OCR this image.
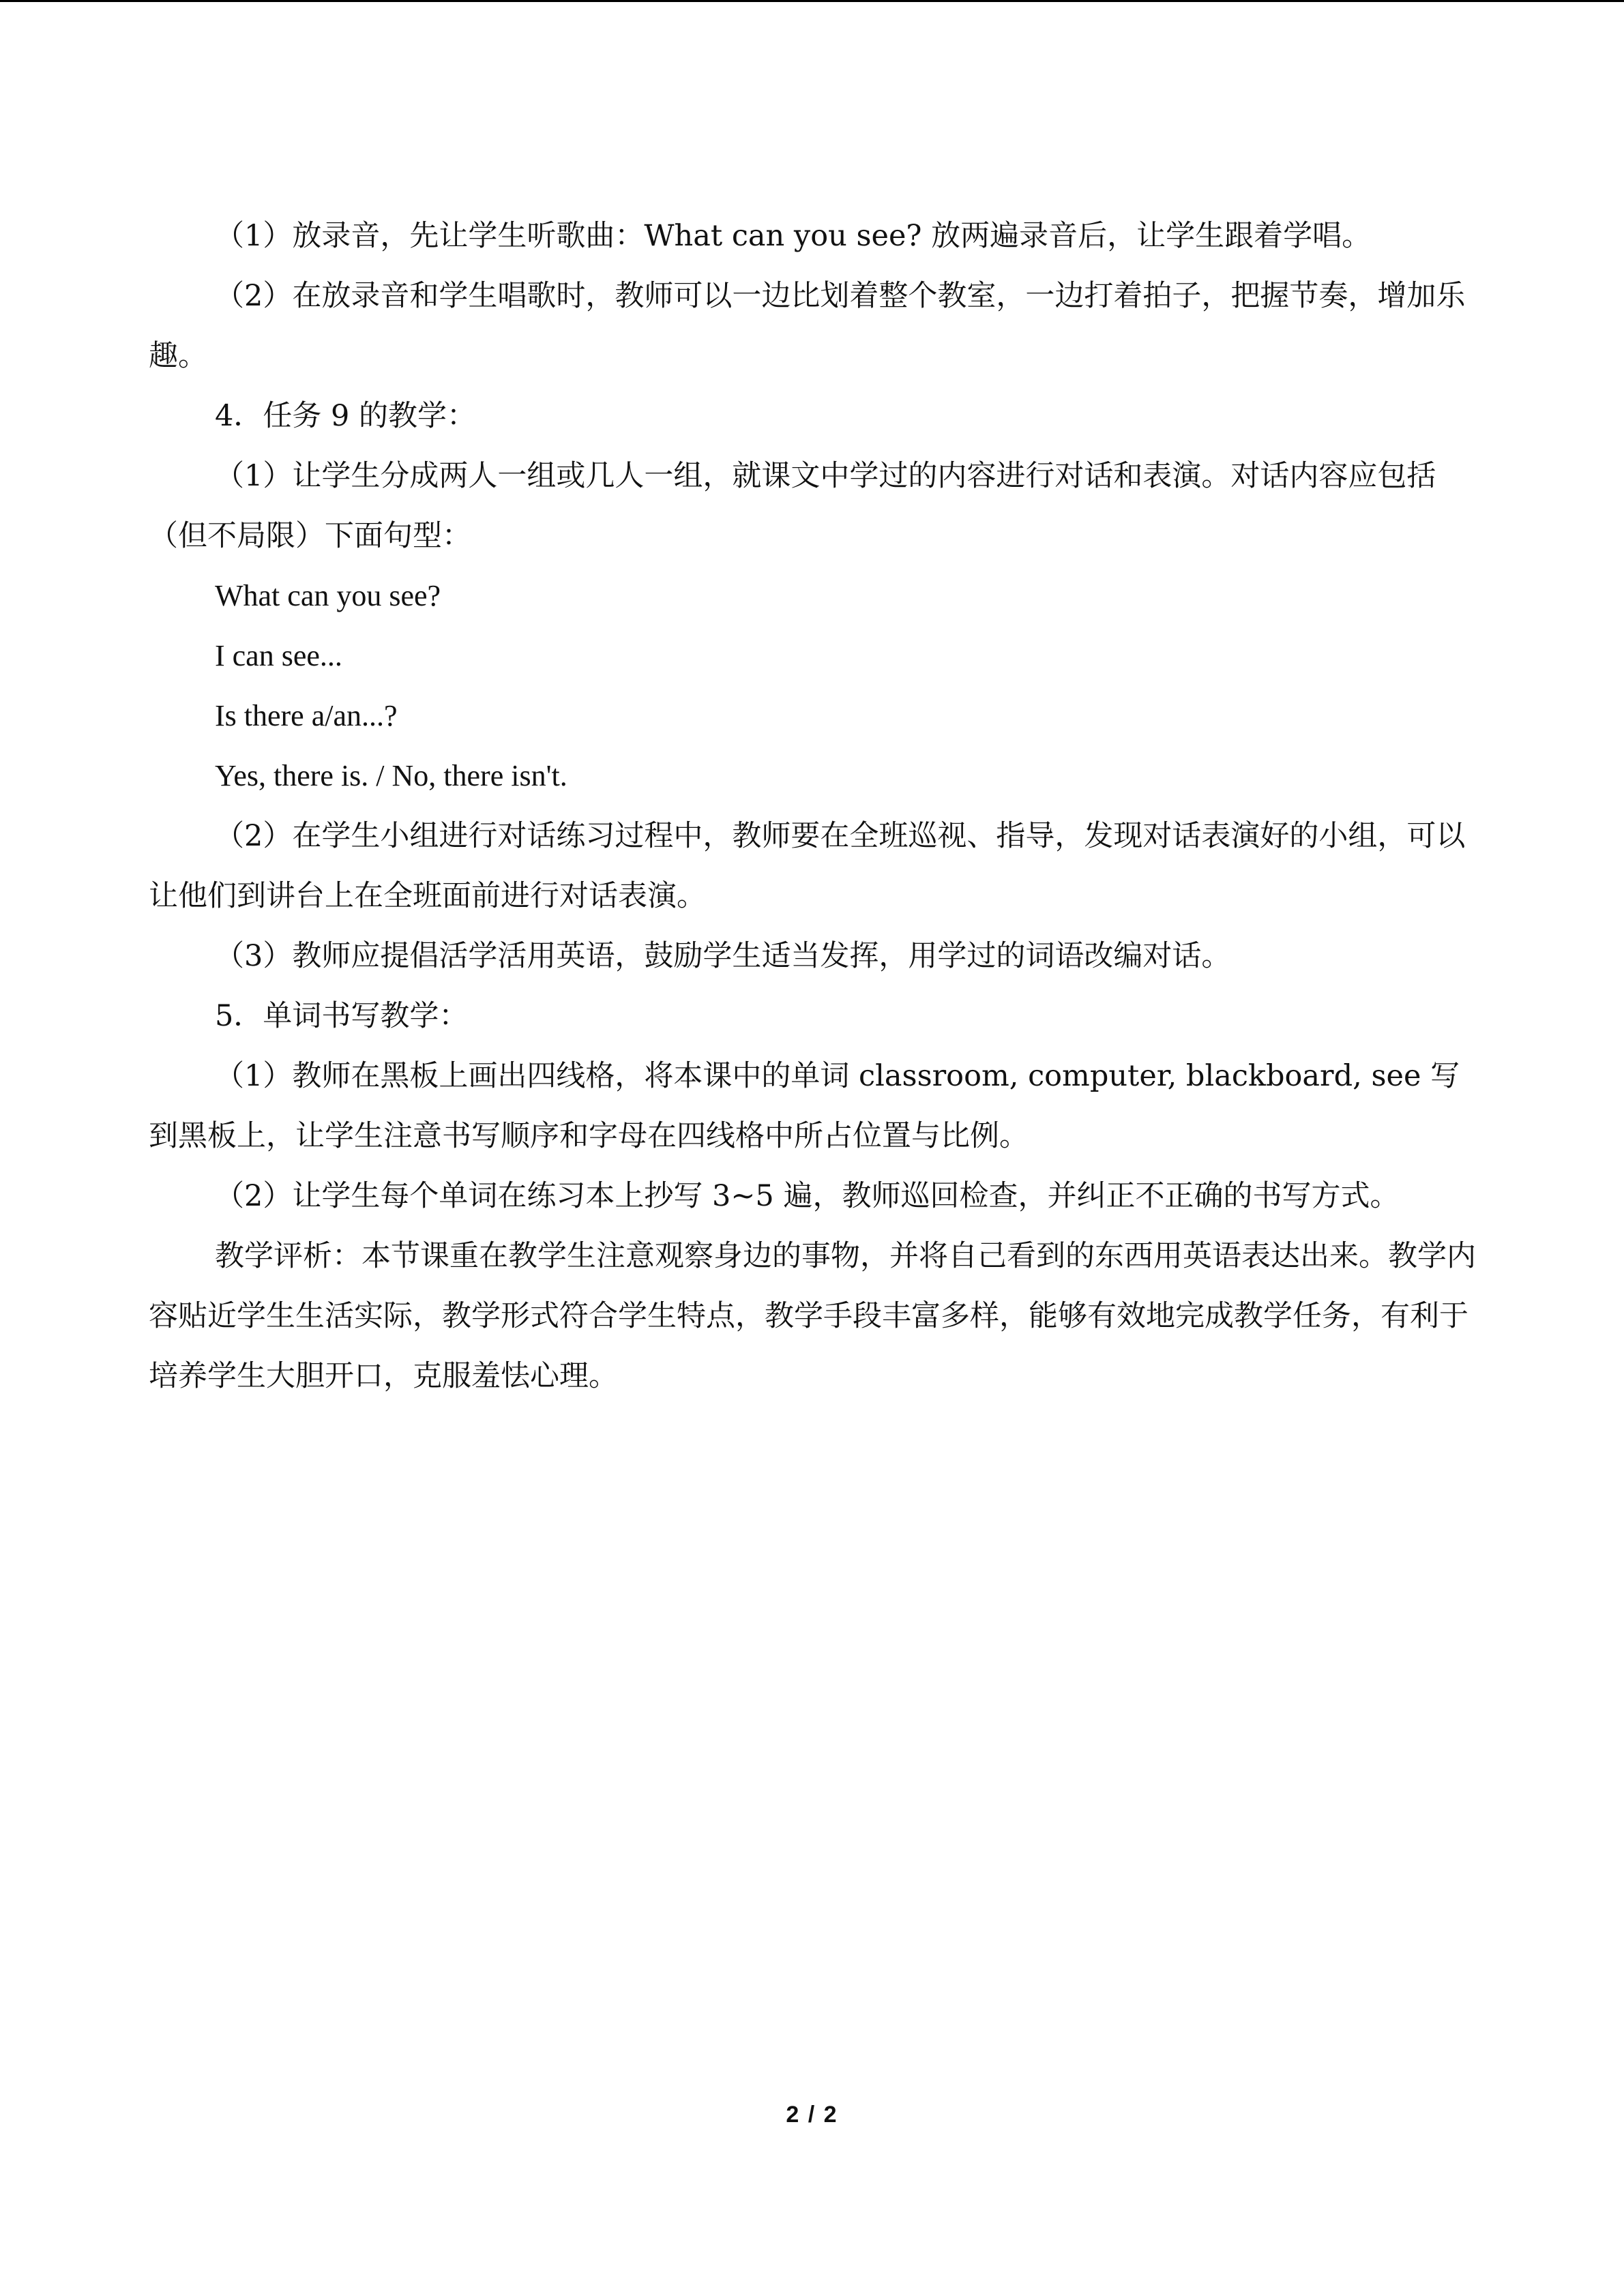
（1）放录音，先让学生听歌曲：What can you see? 放两遍录音后，让学生跟着学唱。

（2）在放录音和学生唱歌时，教师可以一边比划着整个教室，一边打着拍子，把握节奏，增加乐趣。

4．任务 9 的教学：

（1）让学生分成两人一组或几人一组，就课文中学过的内容进行对话和表演。对话内容应包括（但不局限）下面句型：

What can you see?

I can see...

Is there a/an...?

Yes, there is. / No, there isn't.

（2）在学生小组进行对话练习过程中，教师要在全班巡视、指导，发现对话表演好的小组，可以让他们到讲台上在全班面前进行对话表演。

（3）教师应提倡活学活用英语，鼓励学生适当发挥，用学过的词语改编对话。

5．单词书写教学：

（1）教师在黑板上画出四线格，将本课中的单词 classroom, computer, blackboard, see 写到黑板上，让学生注意书写顺序和字母在四线格中所占位置与比例。

（2）让学生每个单词在练习本上抄写 3~5 遍，教师巡回检查，并纠正不正确的书写方式。

教学评析：本节课重在教学生注意观察身边的事物，并将自己看到的东西用英语表达出来。教学内容贴近学生生活实际，教学形式符合学生特点，教学手段丰富多样，能够有效地完成教学任务，有利于培养学生大胆开口，克服羞怯心理。

2 / 2
